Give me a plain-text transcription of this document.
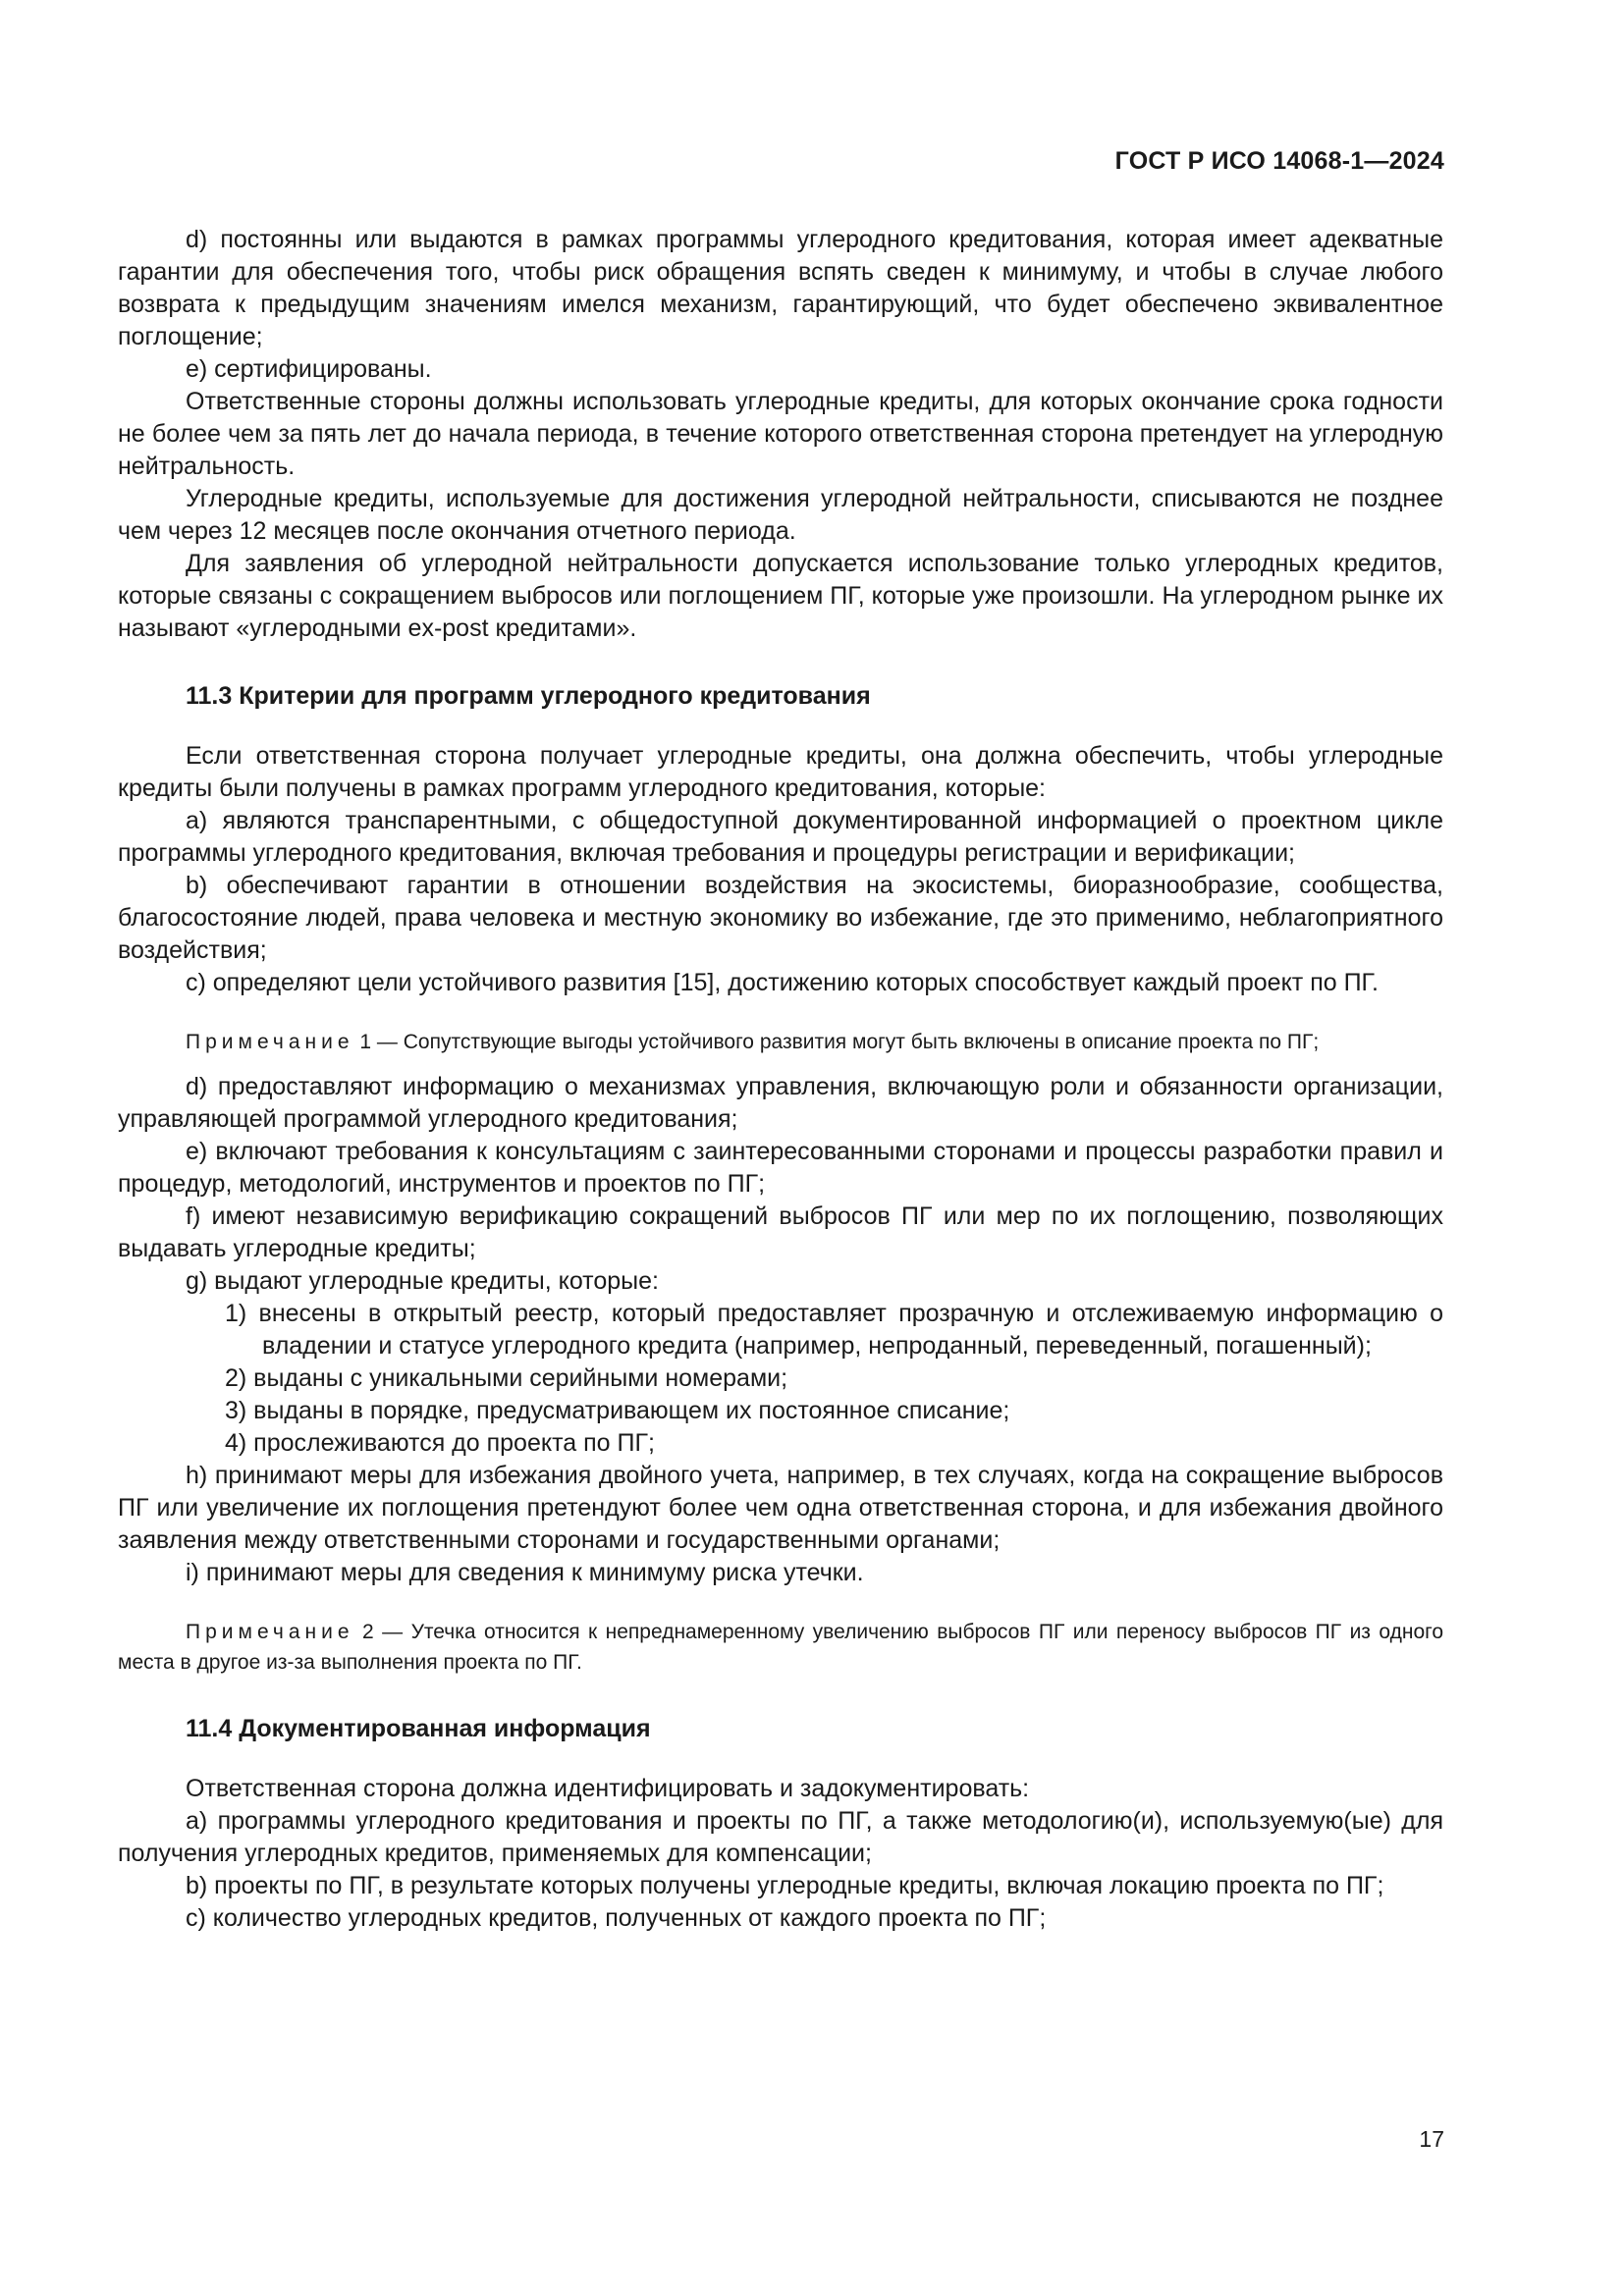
ГОСТ Р ИСО 14068-1—2024

d) постоянны или выдаются в рамках программы углеродного кредитования, которая имеет адекватные гарантии для обеспечения того, чтобы риск обращения вспять сведен к минимуму, и чтобы в случае любого возврата к предыдущим значениям имелся механизм, гарантирующий, что будет обеспечено эквивалентное поглощение;

e) сертифицированы.

Ответственные стороны должны использовать углеродные кредиты, для которых окончание срока годности не более чем за пять лет до начала периода, в течение которого ответственная сторона претендует на углеродную нейтральность.

Углеродные кредиты, используемые для достижения углеродной нейтральности, списываются не позднее чем через 12 месяцев после окончания отчетного периода.

Для заявления об углеродной нейтральности допускается использование только углеродных кредитов, которые связаны с сокращением выбросов или поглощением ПГ, которые уже произошли. На углеродном рынке их называют «углеродными ex-post кредитами».

11.3 Критерии для программ углеродного кредитования

Если ответственная сторона получает углеродные кредиты, она должна обеспечить, чтобы углеродные кредиты были получены в рамках программ углеродного кредитования, которые:

a) являются транспарентными, с общедоступной документированной информацией о проектном цикле программы углеродного кредитования, включая требования и процедуры регистрации и верификации;

b) обеспечивают гарантии в отношении воздействия на экосистемы, биоразнообразие, сообщества, благосостояние людей, права человека и местную экономику во избежание, где это применимо, неблагоприятного воздействия;

c) определяют цели устойчивого развития [15], достижению которых способствует каждый проект по ПГ.

Примечание 1 — Сопутствующие выгоды устойчивого развития могут быть включены в описание проекта по ПГ;

d) предоставляют информацию о механизмах управления, включающую роли и обязанности организации, управляющей программой углеродного кредитования;

e) включают требования к консультациям с заинтересованными сторонами и процессы разработки правил и процедур, методологий, инструментов и проектов по ПГ;

f) имеют независимую верификацию сокращений выбросов ПГ или мер по их поглощению, позволяющих выдавать углеродные кредиты;

g) выдают углеродные кредиты, которые:

1) внесены в открытый реестр, который предоставляет прозрачную и отслеживаемую информацию о владении и статусе углеродного кредита (например, непроданный, переведенный, погашенный);

2) выданы с уникальными серийными номерами;

3) выданы в порядке, предусматривающем их постоянное списание;

4) прослеживаются до проекта по ПГ;

h) принимают меры для избежания двойного учета, например, в тех случаях, когда на сокращение выбросов ПГ или увеличение их поглощения претендуют более чем одна ответственная сторона, и для избежания двойного заявления между ответственными сторонами и государственными органами;

i) принимают меры для сведения к минимуму риска утечки.

Примечание 2 — Утечка относится к непреднамеренному увеличению выбросов ПГ или переносу выбросов ПГ из одного места в другое из-за выполнения проекта по ПГ.

11.4 Документированная информация

Ответственная сторона должна идентифицировать и задокументировать:

a) программы углеродного кредитования и проекты по ПГ, а также методологию(и), используемую(ые) для получения углеродных кредитов, применяемых для компенсации;

b) проекты по ПГ, в результате которых получены углеродные кредиты, включая локацию проекта по ПГ;

c) количество углеродных кредитов, полученных от каждого проекта по ПГ;

17
